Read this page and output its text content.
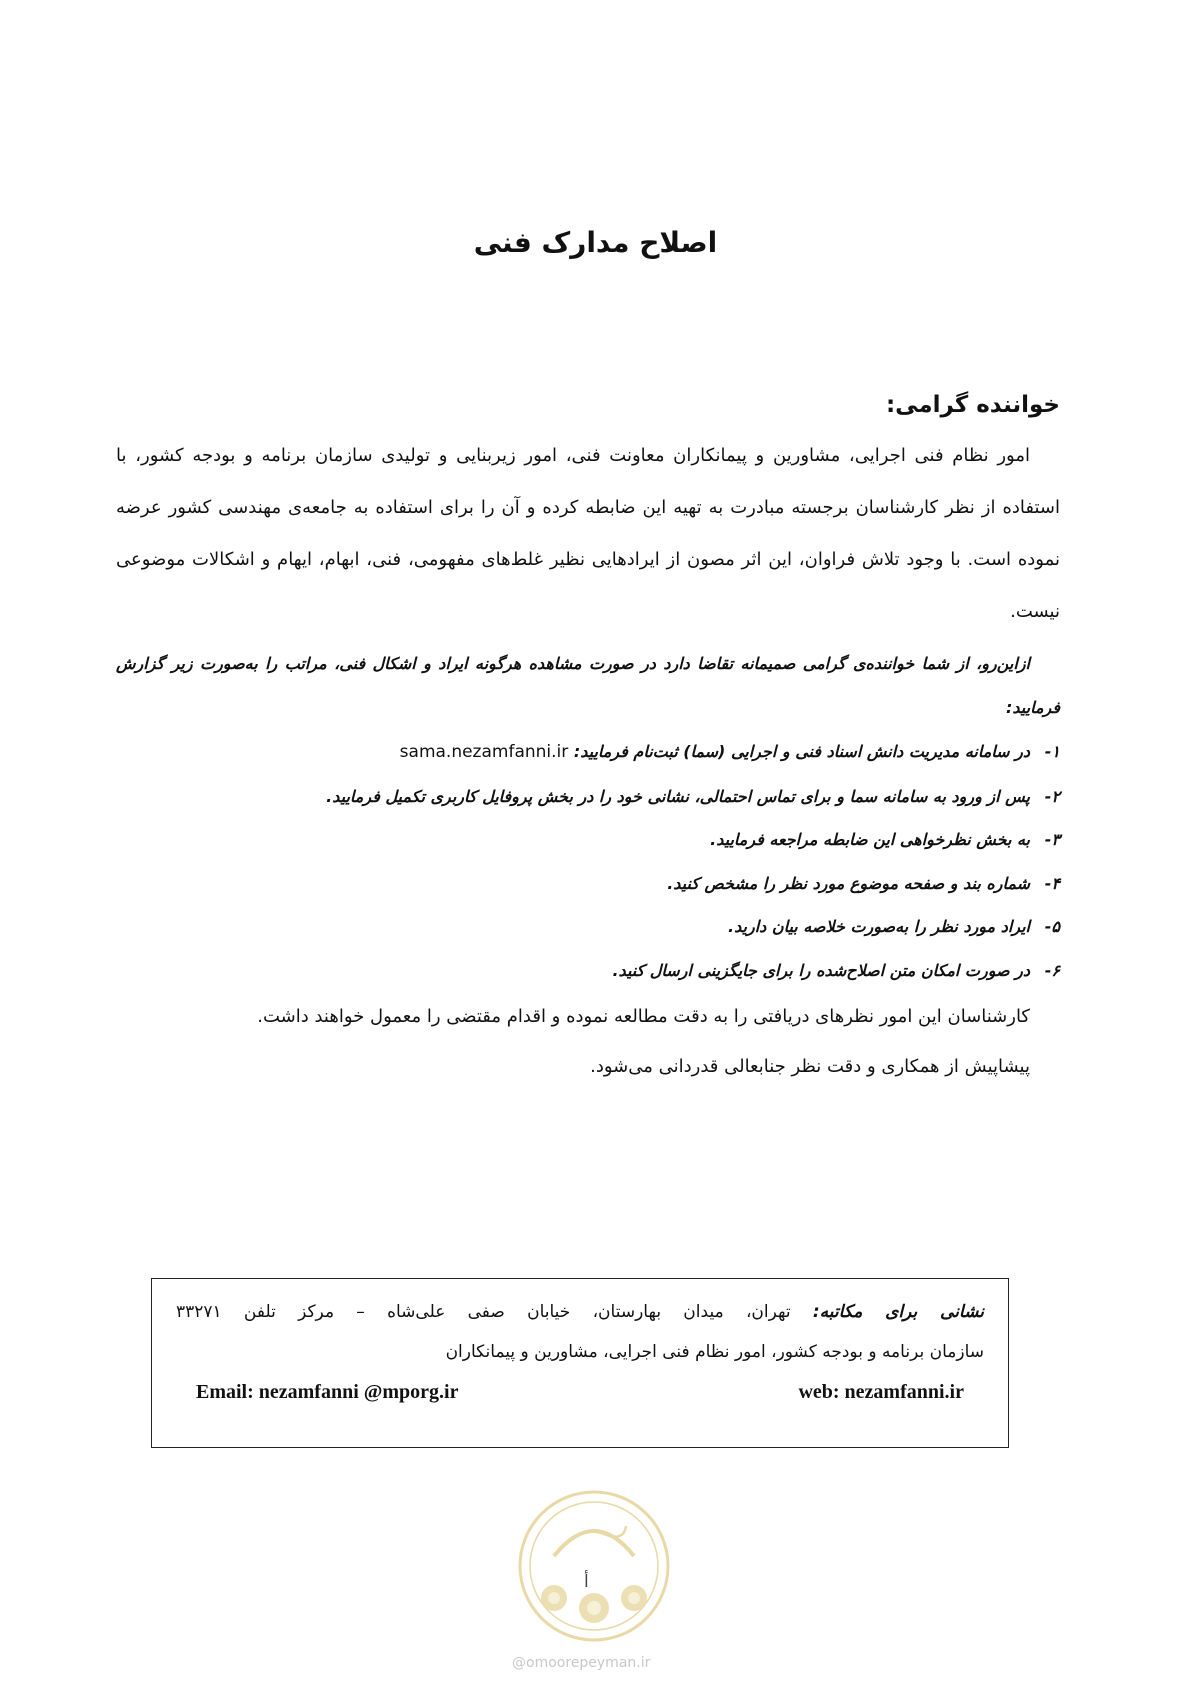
اصلاح مدارک فنی

خواننده گرامی:

امور نظام فنی اجرایی، مشاورین و پیمانکاران معاونت فنی، امور زیربنایی و تولیدی سازمان برنامه و بودجه کشور، با استفاده از نظر کارشناسان برجسته مبادرت به تهیه این ضابطه کرده و آن را برای استفاده به جامعه‌ی مهندسی کشور عرضه نموده است. با وجود تلاش فراوان، این اثر مصون از ایرادهایی نظیر غلط‌های مفهومی، فنی، ابهام، ایهام و اشکالات موضوعی نیست.

ازاین‌رو، از شما خواننده‌ی گرامی صمیمانه تقاضا دارد در صورت مشاهده هرگونه ایراد و اشکال فنی، مراتب را به‌صورت زیر گزارش فرمایید:

۱-
در سامانه مدیریت دانش اسناد فنی و اجرایی (سما) ثبت‌نام فرمایید: sama.nezamfanni.ir
۲-
پس از ورود به سامانه سما و برای تماس احتمالی، نشانی خود را در بخش پروفایل کاربری تکمیل فرمایید.
۳-
به بخش نظرخواهی این ضابطه مراجعه فرمایید.
۴-
شماره بند و صفحه موضوع مورد نظر را مشخص کنید.
۵-
ایراد مورد نظر را به‌صورت خلاصه بیان دارید.
۶-
در صورت امکان متن اصلاح‌شده را برای جایگزینی ارسال کنید.

کارشناسان این امور نظرهای دریافتی را به دقت مطالعه نموده و اقدام مقتضی را معمول خواهند داشت.

پیشاپیش از همکاری و دقت نظر جنابعالی قدردانی می‌شود.

نشانی برای مکاتبه: تهران، میدان بهارستان، خیابان صفی علی‌شاه – مرکز تلفن ۳۳۲۷۱
سازمان برنامه و بودجه کشور، امور نظام فنی اجرایی، مشاورین و پیمانکاران
Email: nezamfanni @mporg.ir	web: nezamfanni.ir
أ
@omoorepeyman.ir
